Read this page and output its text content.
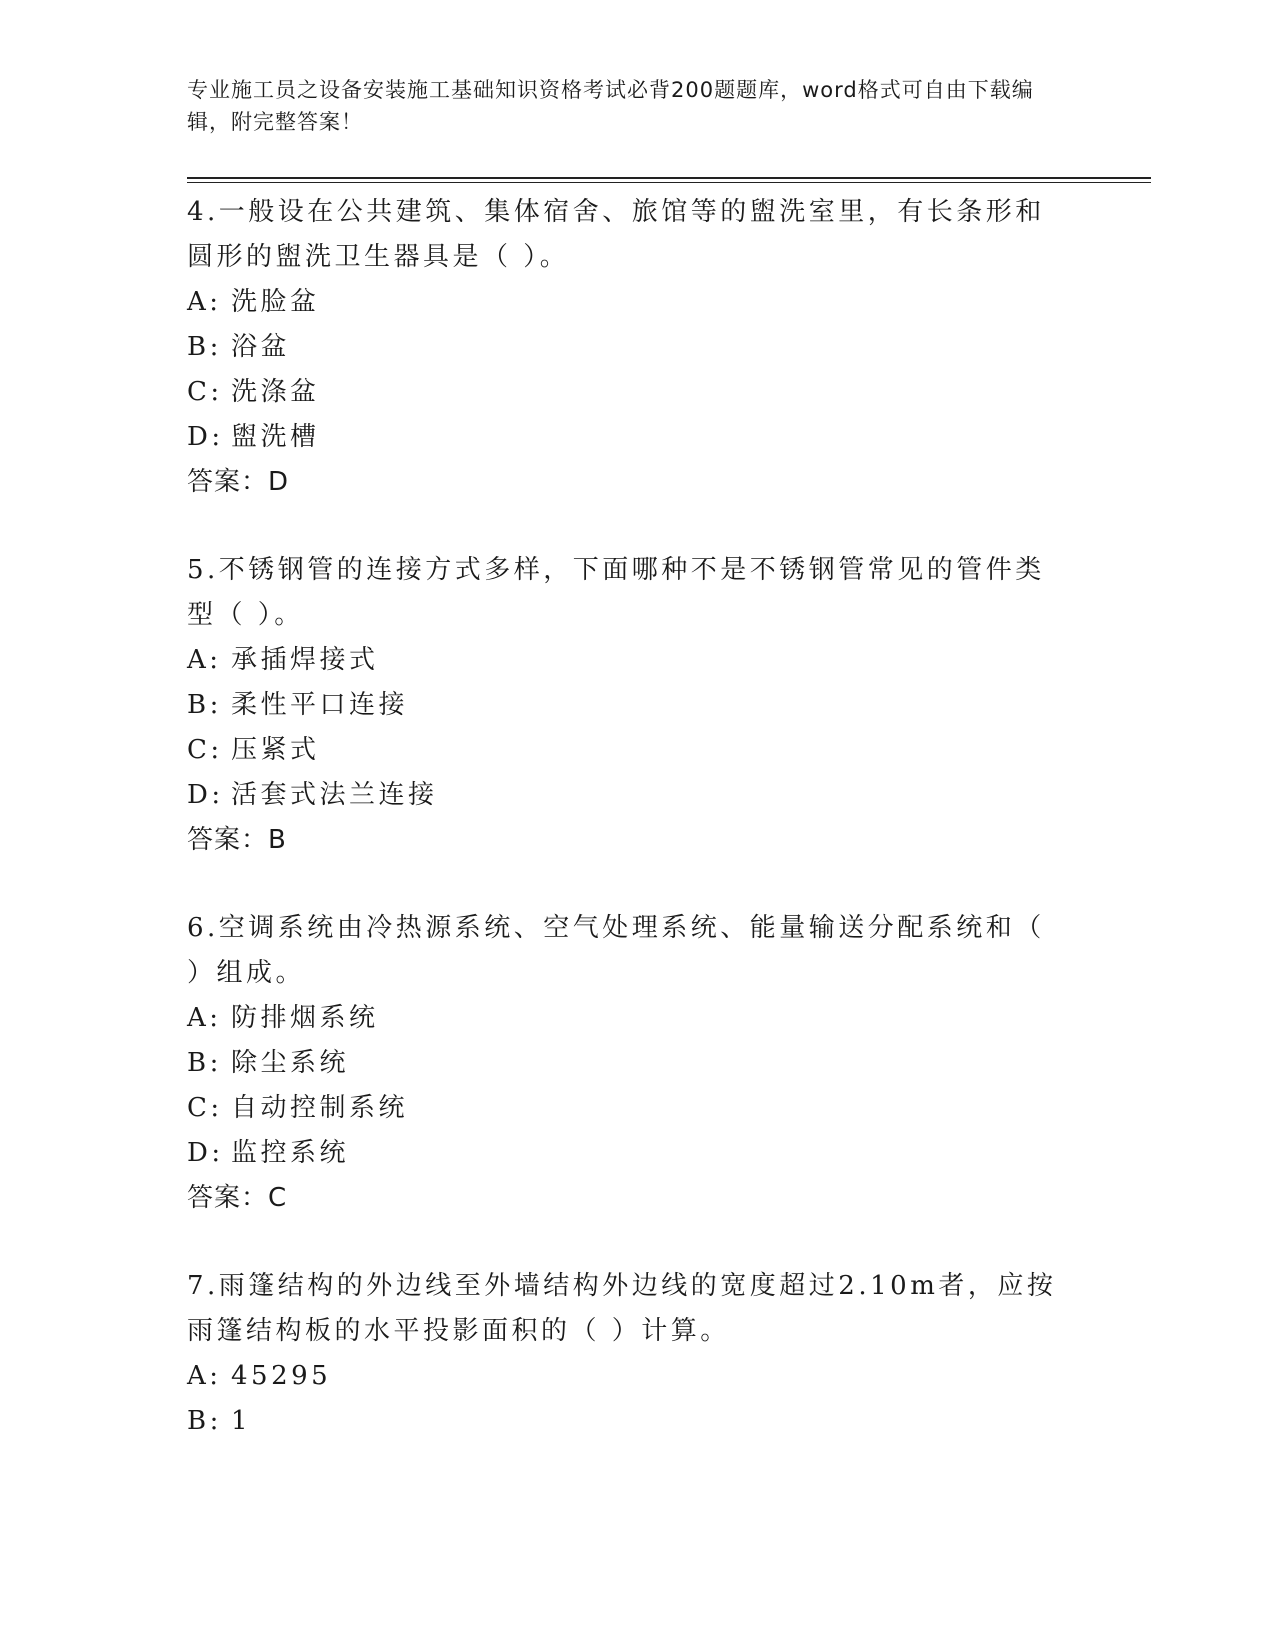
专业施工员之设备安装施工基础知识资格考试必背200题题库，word格式可自由下载编辑，附完整答案！

4.一般设在公共建筑、集体宿舍、旅馆等的盥洗室里，有长条形和圆形的盥洗卫生器具是（ ）。

A: 洗脸盆

B: 浴盆

C: 洗涤盆

D: 盥洗槽

答案：D

5.不锈钢管的连接方式多样，下面哪种不是不锈钢管常见的管件类型（ ）。

A: 承插焊接式

B: 柔性平口连接

C: 压紧式

D: 活套式法兰连接

答案：B

6.空调系统由冷热源系统、空气处理系统、能量输送分配系统和（ ）组成。

A: 防排烟系统

B: 除尘系统

C: 自动控制系统

D: 监控系统

答案：C

7.雨篷结构的外边线至外墙结构外边线的宽度超过2.10m者，应按雨篷结构板的水平投影面积的（ ）计算。

A: 45295

B: 1
